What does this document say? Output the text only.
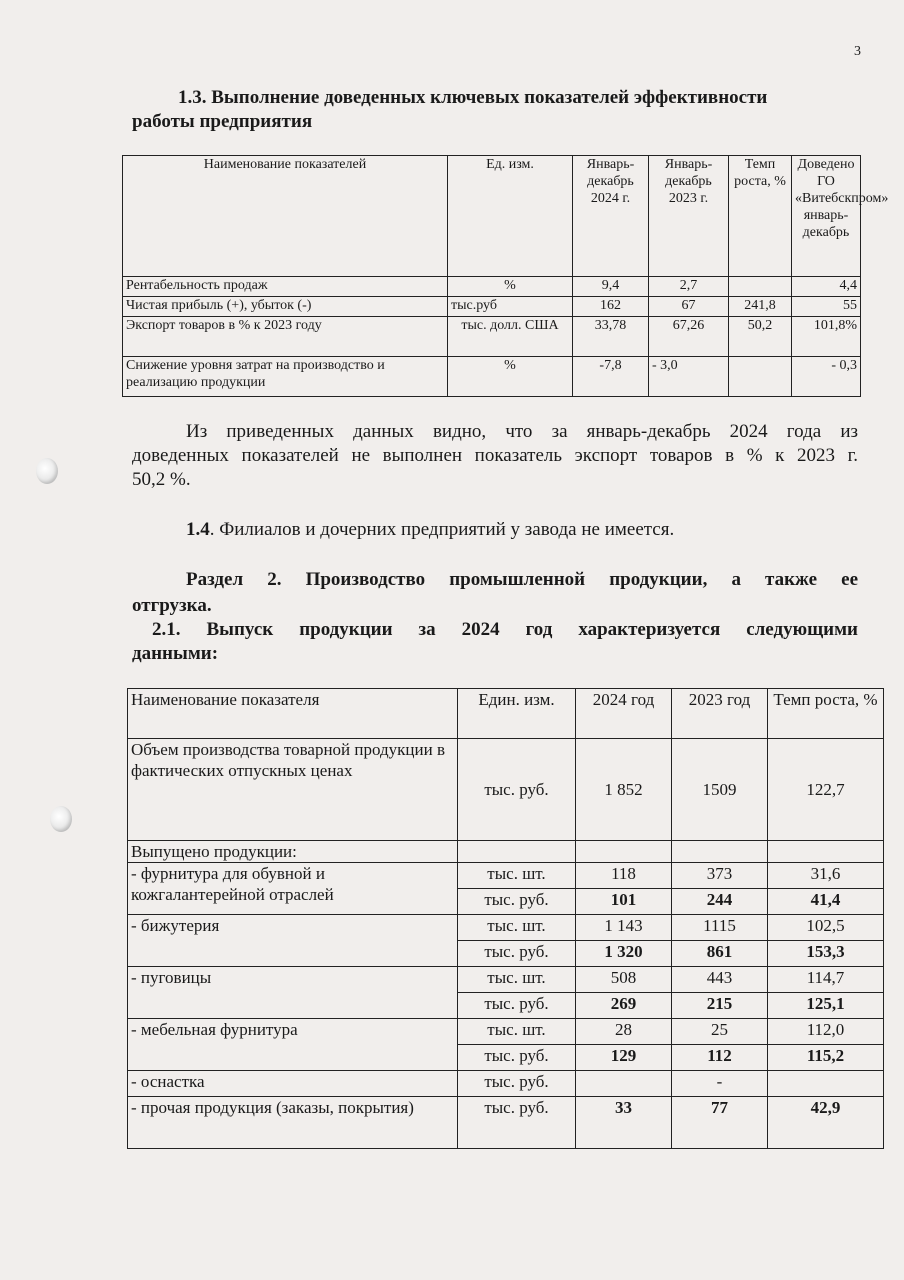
3

1.3. Выполнение доведенных ключевых показателей эффективности

работы предприятия

Наименование показателей	Ед. изм.	Январь-декабрь 2024 г.	Январь-декабрь 2023 г.	Темп роста, %	Доведено ГО «Витебскпром» январь-декабрь
Рентабельность продаж	%	9,4	2,7		4,4
Чистая прибыль (+), убыток (-)	тыс.руб	162	67	241,8	55
Экспорт товаров в % к 2023 году	тыс. долл. США	33,78	67,26	50,2	101,8%
Снижение уровня затрат на производство и реализацию продукции	%	-7,8	- 3,0		- 0,3

Из приведенных данных видно, что за январь-декабрь 2024 года из

доведенных показателей не выполнен показатель экспорт товаров в % к 2023 г.

50,2 %.

1.4. Филиалов и дочерних предприятий у завода не имеется.

Раздел 2. Производство промышленной продукции, а также ее

отгрузка.

2.1. Выпуск продукции за 2024 год характеризуется следующими

данными:

Наименование показателя	Един. изм.	2024 год	2023 год	Темп роста, %
Объем производства товарной продукции в фактических отпускных ценах	тыс. руб.	1 852	1509	122,7
Выпущено продукции:				
- фурнитура для обувной и кожгалантерейной отраслей	тыс. шт.	118	373	31,6
	тыс. руб.	101	244	41,4
- бижутерия	тыс. шт.	1 143	1115	102,5
	тыс. руб.	1 320	861	153,3
- пуговицы	тыс. шт.	508	443	114,7
	тыс. руб.	269	215	125,1
- мебельная фурнитура	тыс. шт.	28	25	112,0
	тыс. руб.	129	112	115,2
- оснастка	тыс. руб.		-	
- прочая продукция (заказы, покрытия)	тыс. руб.	33	77	42,9
